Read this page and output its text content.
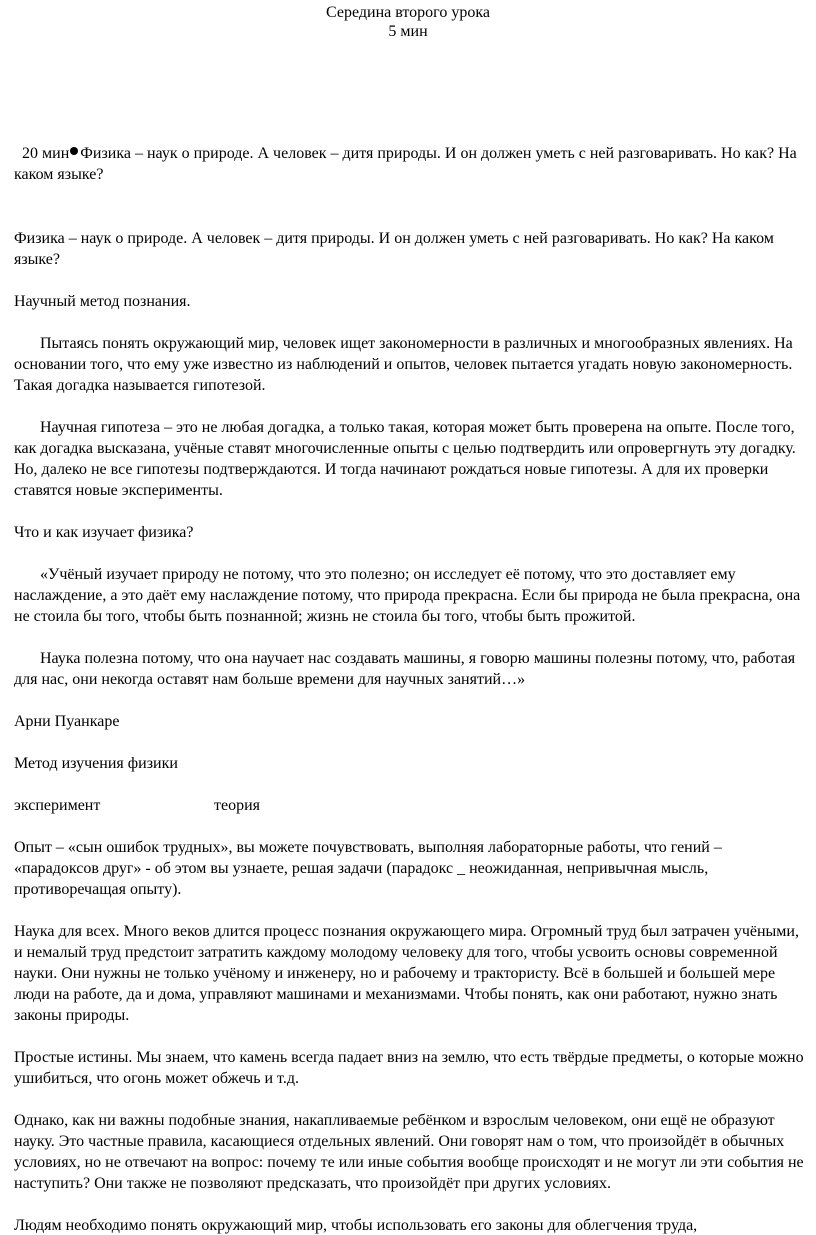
Середина второго урока
5 мин

20 мин Физика – наук о природе. А человек – дитя природы. И он должен уметь с ней разговаривать. Но как? На каком языке?

Физика – наук о природе. А человек – дитя природы. И он должен уметь с ней разговаривать. Но как? На каком языке?

Научный метод познания.

Пытаясь понять окружающий мир, человек ищет закономерности в различных и многообразных явлениях. На основании того, что ему уже известно из наблюдений и опытов, человек пытается угадать новую закономерность. Такая догадка называется гипотезой.

Научная гипотеза – это не любая догадка, а только такая, которая может быть проверена на опыте. После того, как догадка высказана, учёные ставят многочисленные опыты с целью подтвердить или опровергнуть эту догадку. Но, далеко не все гипотезы подтверждаются. И тогда начинают рождаться новые гипотезы. А для их проверки ставятся новые эксперименты.

Что и как изучает физика?

«Учёный изучает природу не потому, что это полезно; он исследует её потому, что это доставляет ему наслаждение, а это даёт ему наслаждение потому, что природа прекрасна. Если бы природа не была прекрасна, она не стоила бы того, чтобы быть познанной; жизнь не стоила бы того, чтобы быть прожитой.

Наука полезна потому, что она научает нас создавать машины, я говорю машины полезны потому, что, работая для нас, они некогда оставят нам больше времени для научных занятий…»

Арни Пуанкаре

Метод изучения физики

эксперимент	теория

Опыт – «сын ошибок трудных», вы можете почувствовать, выполняя лабораторные работы, что гений – «парадоксов друг» - об этом вы узнаете, решая задачи (парадокс _ неожиданная, непривычная мысль, противоречащая опыту).

Наука для всех. Много веков длится процесс познания окружающего мира. Огромный труд был затрачен учёными, и немалый труд предстоит затратить каждому молодому человеку для того, чтобы усвоить основы современной науки. Они нужны не только учёному и инженеру, но и рабочему и трактористу. Всё в большей и большей мере люди на работе, да и дома, управляют машинами и механизмами. Чтобы понять, как они работают, нужно знать законы природы.

Простые истины. Мы знаем, что камень всегда падает вниз на землю, что есть твёрдые предметы, о которые можно ушибиться, что огонь может обжечь и т.д.

Однако, как ни важны подобные знания, накапливаемые ребёнком и взрослым человеком, они ещё не образуют науку. Это частные правила, касающиеся отдельных явлений. Они говорят нам о том, что произойдёт в обычных условиях, но не отвечают на вопрос: почему те или иные события вообще происходят и не могут ли эти события не наступить? Они также не позволяют предсказать, что произойдёт при других условиях.

Людям необходимо понять окружающий мир, чтобы использовать его законы для облегчения труда,
